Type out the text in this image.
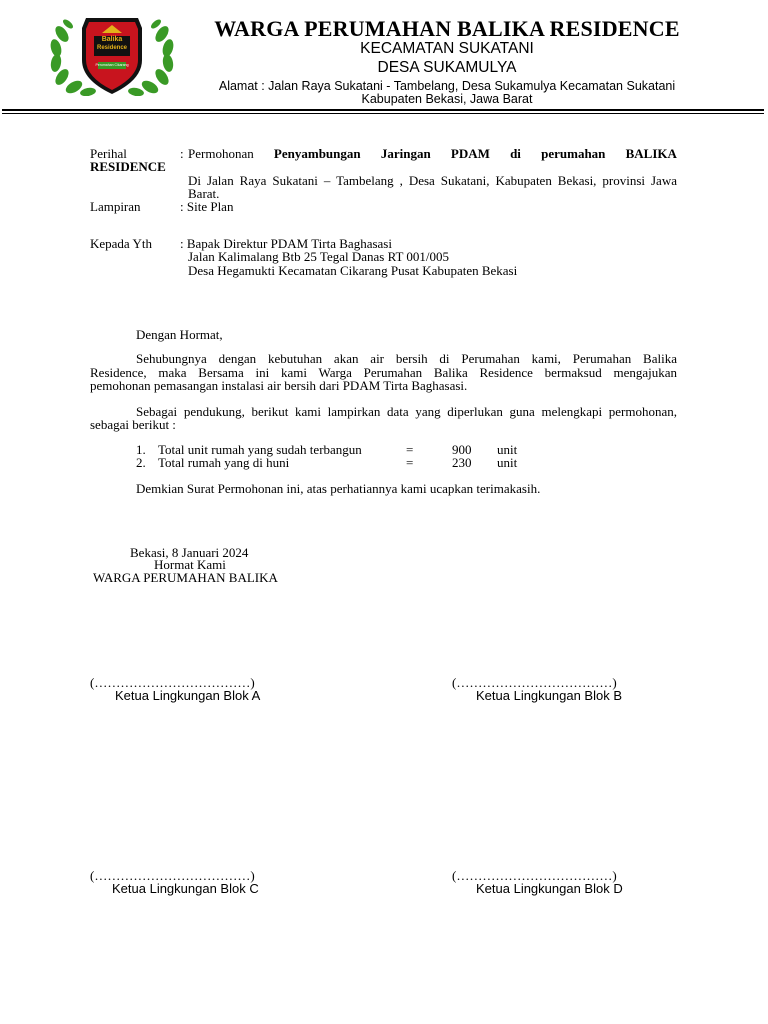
Balika
Residence
Perumahan Cikarang
WARGA PERUMAHAN BALIKA RESIDENCE
KECAMATAN SUKATANI
DESA SUKAMULYA
Alamat : Jalan Raya Sukatani - Tambelang, Desa Sukamulya Kecamatan Sukatani
Kabupaten Bekasi, Jawa Barat
Perihal	: Permohonan Penyambungan Jaringan PDAM di perumahan BALIKA
RESIDENCE
Di Jalan Raya Sukatani – Tambelang , Desa Sukatani, Kabupaten Bekasi, provinsi Jawa
Barat.
Lampiran	: Site Plan
Kepada Yth : Bapak Direktur PDAM Tirta Baghasasi
Jalan Kalimalang Btb 25 Tegal Danas RT 001/005
Desa Hegamukti Kecamatan Cikarang Pusat Kabupaten Bekasi
Dengan Hormat,
Sehubungnya dengan kebutuhan akan air bersih di Perumahan kami, Perumahan Balika
Residence, maka Bersama ini kami Warga Perumahan Balika Residence bermaksud mengajukan
pemohonan pemasangan instalasi air bersih dari PDAM Tirta Baghasasi.
Sebagai pendukung, berikut kami lampirkan data yang diperlukan guna melengkapi permohonan,
sebagai berikut :
1. Total unit rumah yang sudah terbangun	=	900 unit
2. Total rumah yang di huni	=	230 unit
Demkian Surat Permohonan ini, atas perhatiannya kami ucapkan terimakasih.
Bekasi, 8 Januari 2024
Hormat Kami
WARGA PERUMAHAN BALIKA
(………………………………)
Ketua Lingkungan Blok A
(………………………………)
Ketua Lingkungan Blok B
(………………………………)
Ketua Lingkungan Blok C
(………………………………)
Ketua Lingkungan Blok D
